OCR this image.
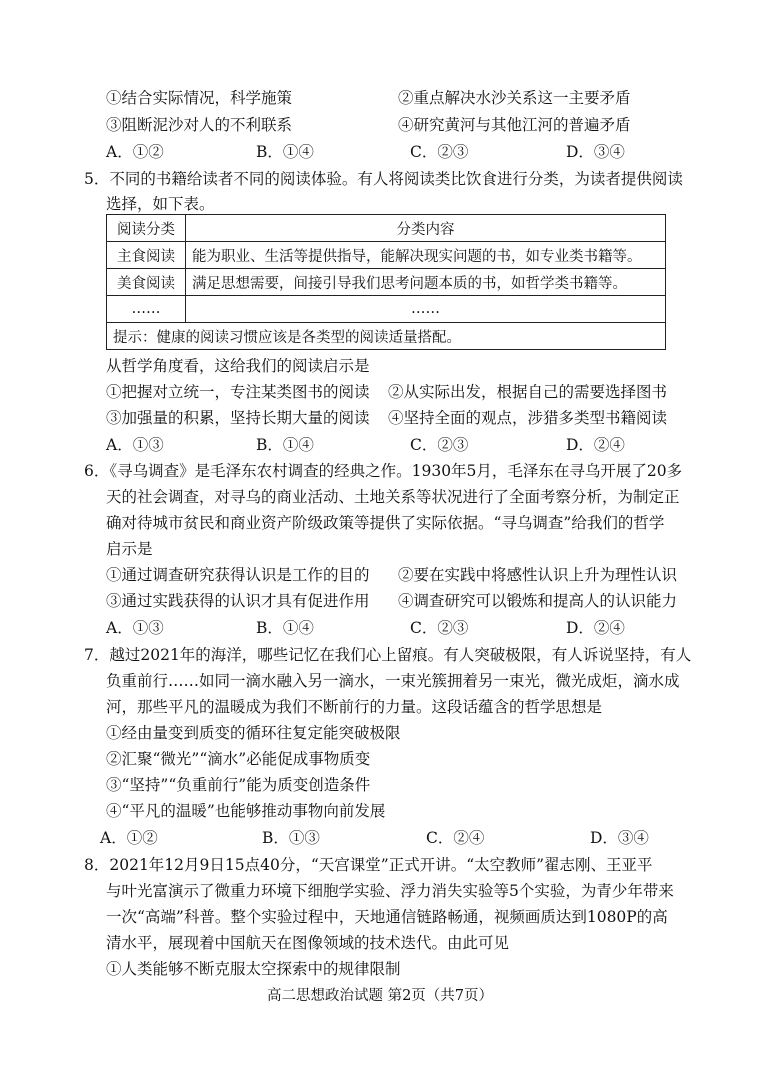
①结合实际情况，科学施策	②重点解决水沙关系这一主要矛盾
③阻断泥沙对人的不利联系	④研究黄河与其他江河的普遍矛盾
A．①②	B．①④	C．②③	D．③④
5．不同的书籍给读者不同的阅读体验。有人将阅读类比饮食进行分类，为读者提供阅读
选择，如下表。
阅读分类	分类内容
主食阅读	能为职业、生活等提供指导，能解决现实问题的书，如专业类书籍等。
美食阅读	满足思想需要，间接引导我们思考问题本质的书，如哲学类书籍等。
……	……
提示：健康的阅读习惯应该是各类型的阅读适量搭配。	
从哲学角度看，这给我们的阅读启示是
①把握对立统一，专注某类图书的阅读 ②从实际出发，根据自己的需要选择图书
③加强量的积累，坚持长期大量的阅读 ④坚持全面的观点，涉猎多类型书籍阅读
A．①③	B．①④	C．②③	D．②④
6．《寻乌调查》是毛泽东农村调查的经典之作。1930年5月，毛泽东在寻乌开展了20多
天的社会调查，对寻乌的商业活动、土地关系等状况进行了全面考察分析，为制定正
确对待城市贫民和商业资产阶级政策等提供了实际依据。“寻乌调查”给我们的哲学
启示是
①通过调查研究获得认识是工作的目的 ②要在实践中将感性认识上升为理性认识
③通过实践获得的认识才具有促进作用 ④调查研究可以锻炼和提高人的认识能力
A．①③	B．①④	C．②③	D．②④
7．越过2021年的海洋，哪些记忆在我们心上留痕。有人突破极限，有人诉说坚持，有人
负重前行……如同一滴水融入另一滴水，一束光簇拥着另一束光，微光成炬，滴水成
河，那些平凡的温暖成为我们不断前行的力量。这段话蕴含的哲学思想是
①经由量变到质变的循环往复定能突破极限
②汇聚“微光”“滴水”必能促成事物质变
③“坚持”“负重前行”能为质变创造条件
④“平凡的温暖”也能够推动事物向前发展
A．①②	B．①③	C．②④	D．③④
8．2021年12月9日15点40分，“天宫课堂”正式开讲。“太空教师”翟志刚、王亚平
与叶光富演示了微重力环境下细胞学实验、浮力消失实验等5个实验，为青少年带来
一次“高端”科普。整个实验过程中，天地通信链路畅通，视频画质达到1080P的高
清水平，展现着中国航天在图像领域的技术迭代。由此可见
①人类能够不断克服太空探索中的规律限制
高二思想政治试题 第2页（共7页）
